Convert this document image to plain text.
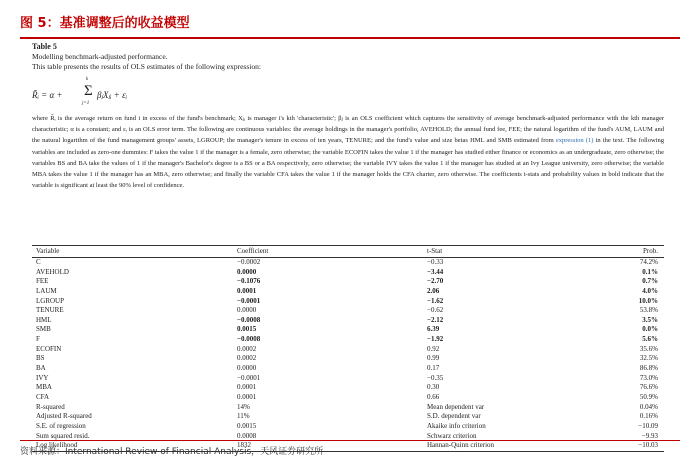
图 5：基准调整后的收益模型
Table 5
Modelling benchmark-adjusted performance.
This table presents the results of OLS estimates of the following expression:
R̃ᵢ = α +
k
Σ
j=1
βⱼXⱼᵢ + εᵢ

where R̃ᵢ is the average return on fund i in excess of the fund's benchmark; Xⱼᵢ is manager i's kth 'characteristic'; βⱼ is an OLS coefficient which captures the sensitivity of average benchmark-adjusted performance with the kth manager characteristic; α is a constant; and εᵢ is an OLS error term. The following are continuous variables: the average holdings in the manager's portfolio, AVEHOLD; the annual fund fee, FEE; the natural logarithm of the fund's AUM, LAUM and the natural logarithm of the fund management groups' assets, LGROUP; the manager's tenure in excess of ten years, TENURE; and the fund's value and size betas HML and SMB estimated from expression (1) in the text. The following variables are included as zero-one dummies: F takes the value 1 if the manager is a female, zero otherwise; the variable ECOFIN takes the value 1 if the manager has studied either finance or economics as an undergraduate, zero otherwise; the variables BS and BA take the values of 1 if the manager's Bachelor's degree is a BS or a BA respectively, zero otherwise; the variable IVY takes the value 1 if the manager has studied at an Ivy League university, zero otherwise; the variable MBA takes the value 1 if the manager has an MBA, zero otherwise; and finally the variable CFA takes the value 1 if the manager holds the CFA charter, zero otherwise. The coefficients t-stats and probability values in bold indicate that the variable is significant at least the 90% level of confidence.

Variable	Coefficient	t-Stat	Prob.
C	−0.0002	−0.33	74.2%
AVEHOLD	0.0000	−3.44	0.1%
FEE	−0.1076	−2.70	0.7%
LAUM	0.0001	2.06	4.0%
LGROUP	−0.0001	−1.62	10.0%
TENURE	0.0000	−0.62	53.8%
HML	−0.0008	−2.12	3.5%
SMB	0.0015	6.39	0.0%
F	−0.0008	−1.92	5.6%
ECOFIN	0.0002	0.92	35.6%
BS	0.0002	0.99	32.5%
BA	0.0000	0.17	86.8%
IVY	−0.0001	−0.35	73.0%
MBA	0.0001	0.30	76.6%
CFA	0.0001	0.66	50.9%
R-squared	14%	Mean dependent var	0.04%
Adjusted R-squared	11%	S.D. dependent var	0.16%
S.E. of regression	0.0015	Akaike info criterion	−10.09
Sum squared resid.	0.0008	Schwarz criterion	−9.93
Log likelihood	1832	Hannan-Quinn criterion	−10.03
资料来源：International Review of Financial Analysis，天风证券研究所
